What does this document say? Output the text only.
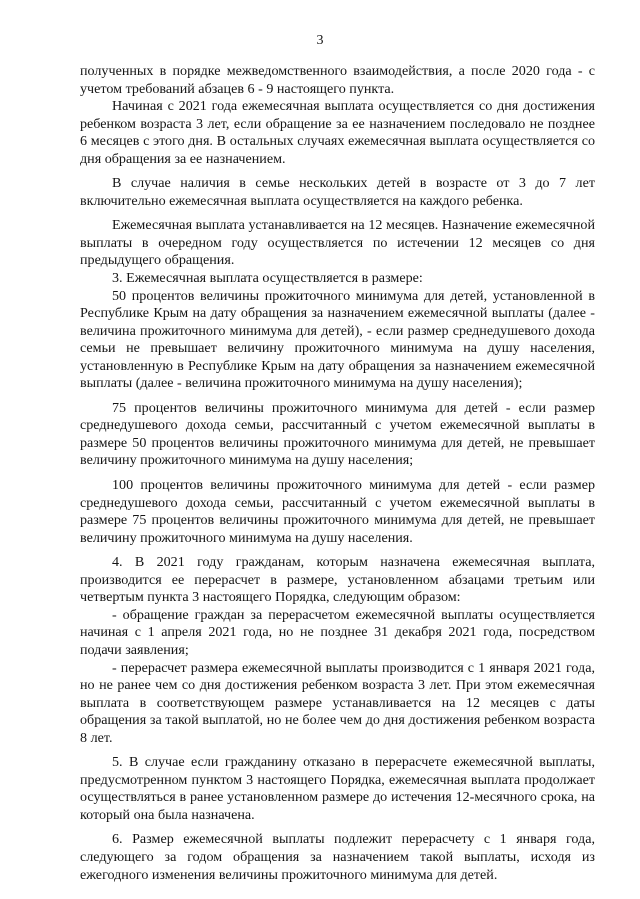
3

полученных в порядке межведомственного взаимодействия, а после 2020 года - с учетом требований абзацев 6 - 9 настоящего пункта.

Начиная с 2021 года ежемесячная выплата осуществляется со дня достижения ребенком возраста 3 лет, если обращение за ее назначением последовало не позднее 6 месяцев с этого дня. В остальных случаях ежемесячная выплата осуществляется со дня обращения за ее назначением.

В случае наличия в семье нескольких детей в возрасте от 3 до 7 лет включительно ежемесячная выплата осуществляется на каждого ребенка.

Ежемесячная выплата устанавливается на 12 месяцев. Назначение ежемесячной выплаты в очередном году осуществляется по истечении 12 месяцев со дня предыдущего обращения.

3. Ежемесячная выплата осуществляется в размере:

50 процентов величины прожиточного минимума для детей, установленной в Республике Крым на дату обращения за назначением ежемесячной выплаты (далее - величина прожиточного минимума для детей), - если размер среднедушевого дохода семьи не превышает величину прожиточного минимума на душу населения, установленную в Республике Крым на дату обращения за назначением ежемесячной выплаты (далее - величина прожиточного минимума на душу населения);

75 процентов величины прожиточного минимума для детей - если размер среднедушевого дохода семьи, рассчитанный с учетом ежемесячной выплаты в размере 50 процентов величины прожиточного минимума для детей, не превышает величину прожиточного минимума на душу населения;

100 процентов величины прожиточного минимума для детей - если размер среднедушевого дохода семьи, рассчитанный с учетом ежемесячной выплаты в размере 75 процентов величины прожиточного минимума для детей, не превышает величину прожиточного минимума на душу населения.

4. В 2021 году гражданам, которым назначена ежемесячная выплата, производится ее перерасчет в размере, установленном абзацами третьим или четвертым пункта 3 настоящего Порядка, следующим образом:

- обращение граждан за перерасчетом ежемесячной выплаты осуществляется начиная с 1 апреля 2021 года, но не позднее 31 декабря 2021 года, посредством подачи заявления;

- перерасчет размера ежемесячной выплаты производится с 1 января 2021 года, но не ранее чем со дня достижения ребенком возраста 3 лет. При этом ежемесячная выплата в соответствующем размере устанавливается на 12 месяцев с даты обращения за такой выплатой, но не более чем до дня достижения ребенком возраста 8 лет.

5. В случае если гражданину отказано в перерасчете ежемесячной выплаты, предусмотренном пунктом 3 настоящего Порядка, ежемесячная выплата продолжает осуществляться в ранее установленном размере до истечения 12-месячного срока, на который она была назначена.

6. Размер ежемесячной выплаты подлежит перерасчету с 1 января года, следующего за годом обращения за назначением такой выплаты, исходя из ежегодного изменения величины прожиточного минимума для детей.
